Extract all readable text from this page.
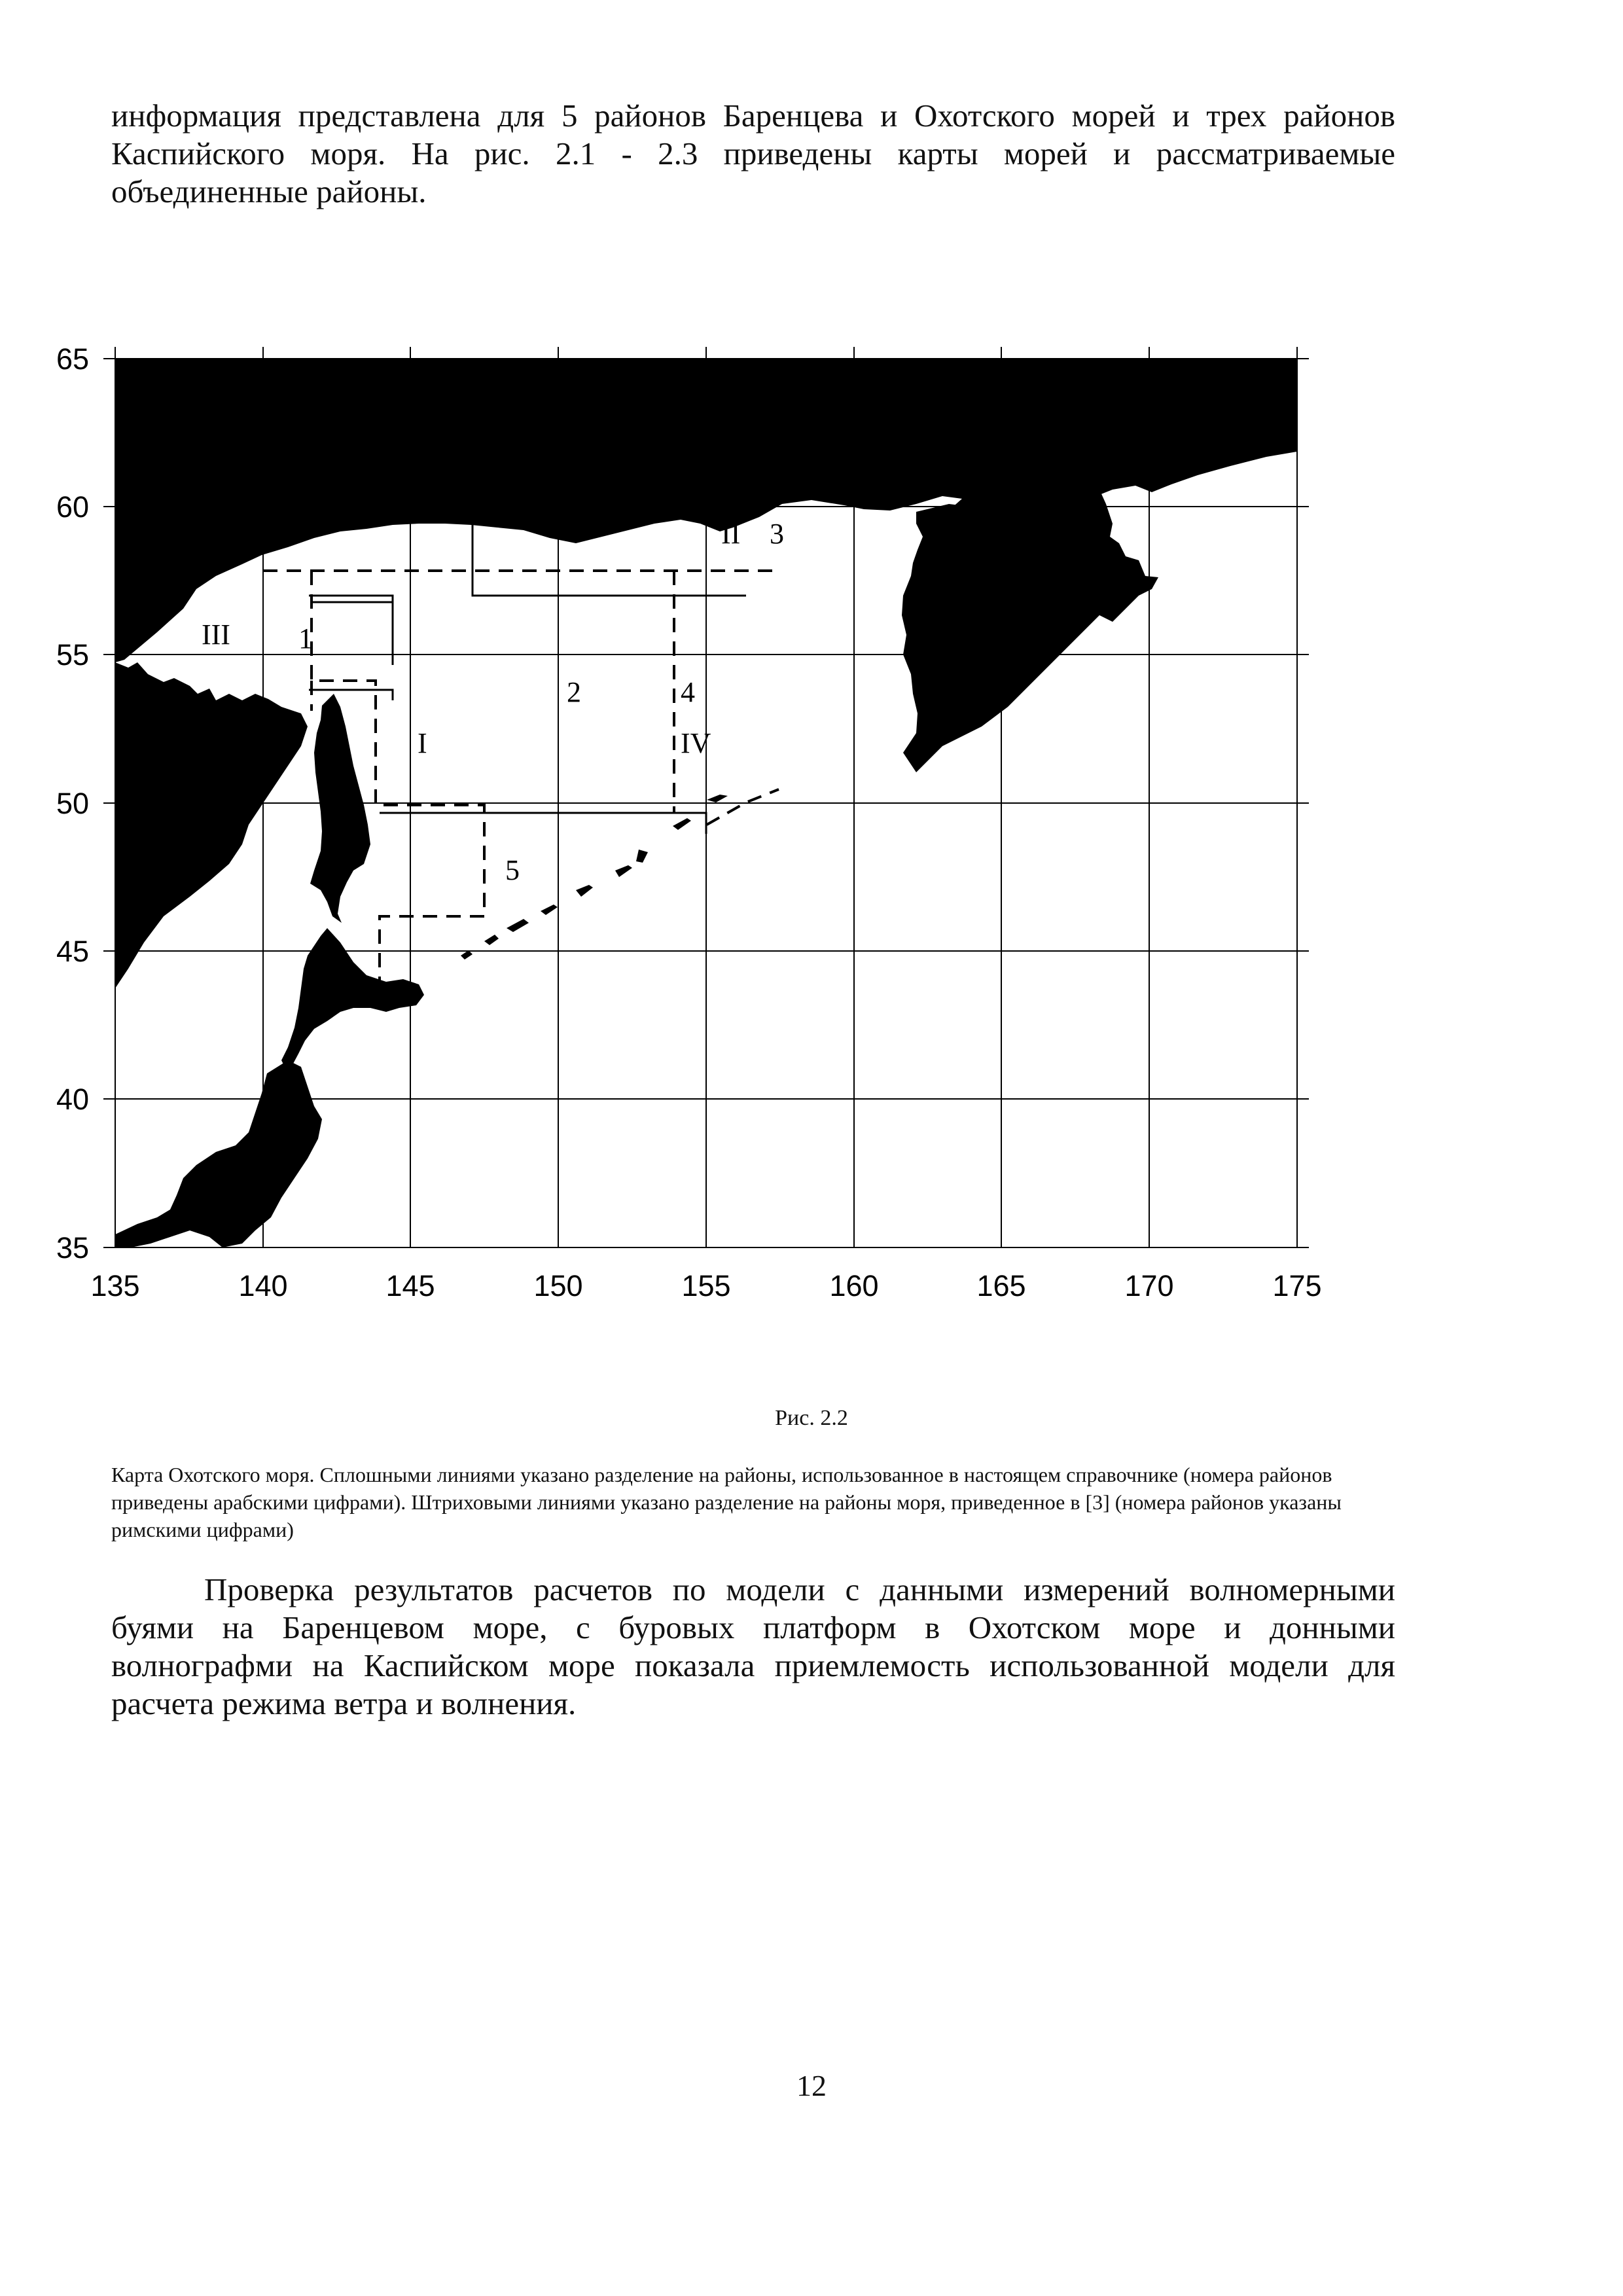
информация представлена для 5 районов Баренцева и Охотского морей и трех районов
Каспийского моря. На рис. 2.1 - 2.3 приведены карты морей и рассматриваемые
объединенные районы.

65
60
55
50
45
40
35
135	140	145	150	155	160	165	170	175
1
2
3
4
5
I
II
III
IV

Рис. 2.2

Карта Охотского моря. Сплошными линиями указано разделение на районы, использованное в настоящем справочнике (номера районов приведены арабскими цифрами). Штриховыми линиями указано разделение на районы моря, приведенное в [3] (номера районов указаны римскими цифрами)

Проверка результатов расчетов по модели с данными измерений волномерными
буями на Баренцевом море, с буровых платформ в Охотском море и донными
волнографми на Каспийском море показала приемлемость использованной модели для
расчета режима ветра и волнения.

12
